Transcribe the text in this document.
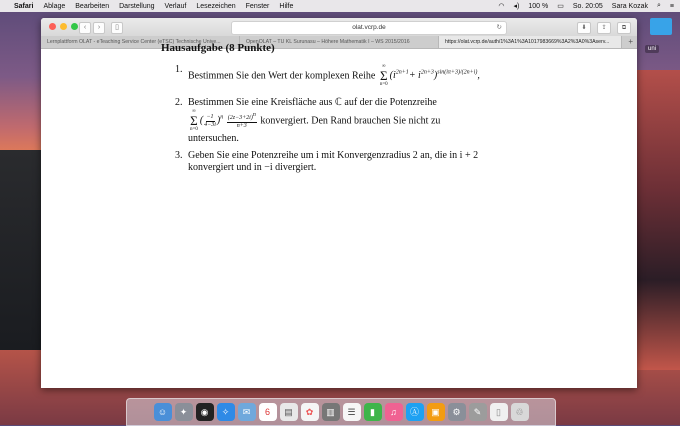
Safari Ablage Bearbeiten Darstellung Verlauf Lesezeichen Fenster Hilfe	◠ ◂) 100 % ▭ So. 20:05 Sara Kozak ⌕ ≡
uni
‹	›	▯	olat.vcrp.de	↻	⬇	⇪	⧉
Lernplattform OLAT - eTeaching Service Center (eTSC) Technische Unive...	OpenOLAT – TU KL Surunasu – Höhere Mathematik I – WS 2015/2016	https://olat.vcrp.de/auth/1%3A1%3A1017983669%3A2%3A0%3Aserv...	+
Hausaufgabe (8 Punkte)
1.
Bestimmen Sie den Wert der komplexen Reihe
∞
Σ
n=0
$(i^{2n+1}+ i^{2n+3})^{sin(i\pi+3)/(2n+i)}$,
2. Bestimmen Sie eine Kreisfläche aus ℂ auf der die Potenzreihe
∞
Σ
n=0
( $\frac{-1}{4-3i} )^n \frac{(2z-3+2i)^n}{n+3}$ konvergiert. Den Rand brauchen Sie nicht zu
untersuchen.
3. Geben Sie eine Potenzreihe um i mit Konvergenzradius 2 an, die in i + 2
konvergiert und in −i divergiert.
☺	✦	◉	✧	✉	6	▤	✿	▥	☰	▮	♫	Ⓐ	▣	⚙	✎	▯	♲
